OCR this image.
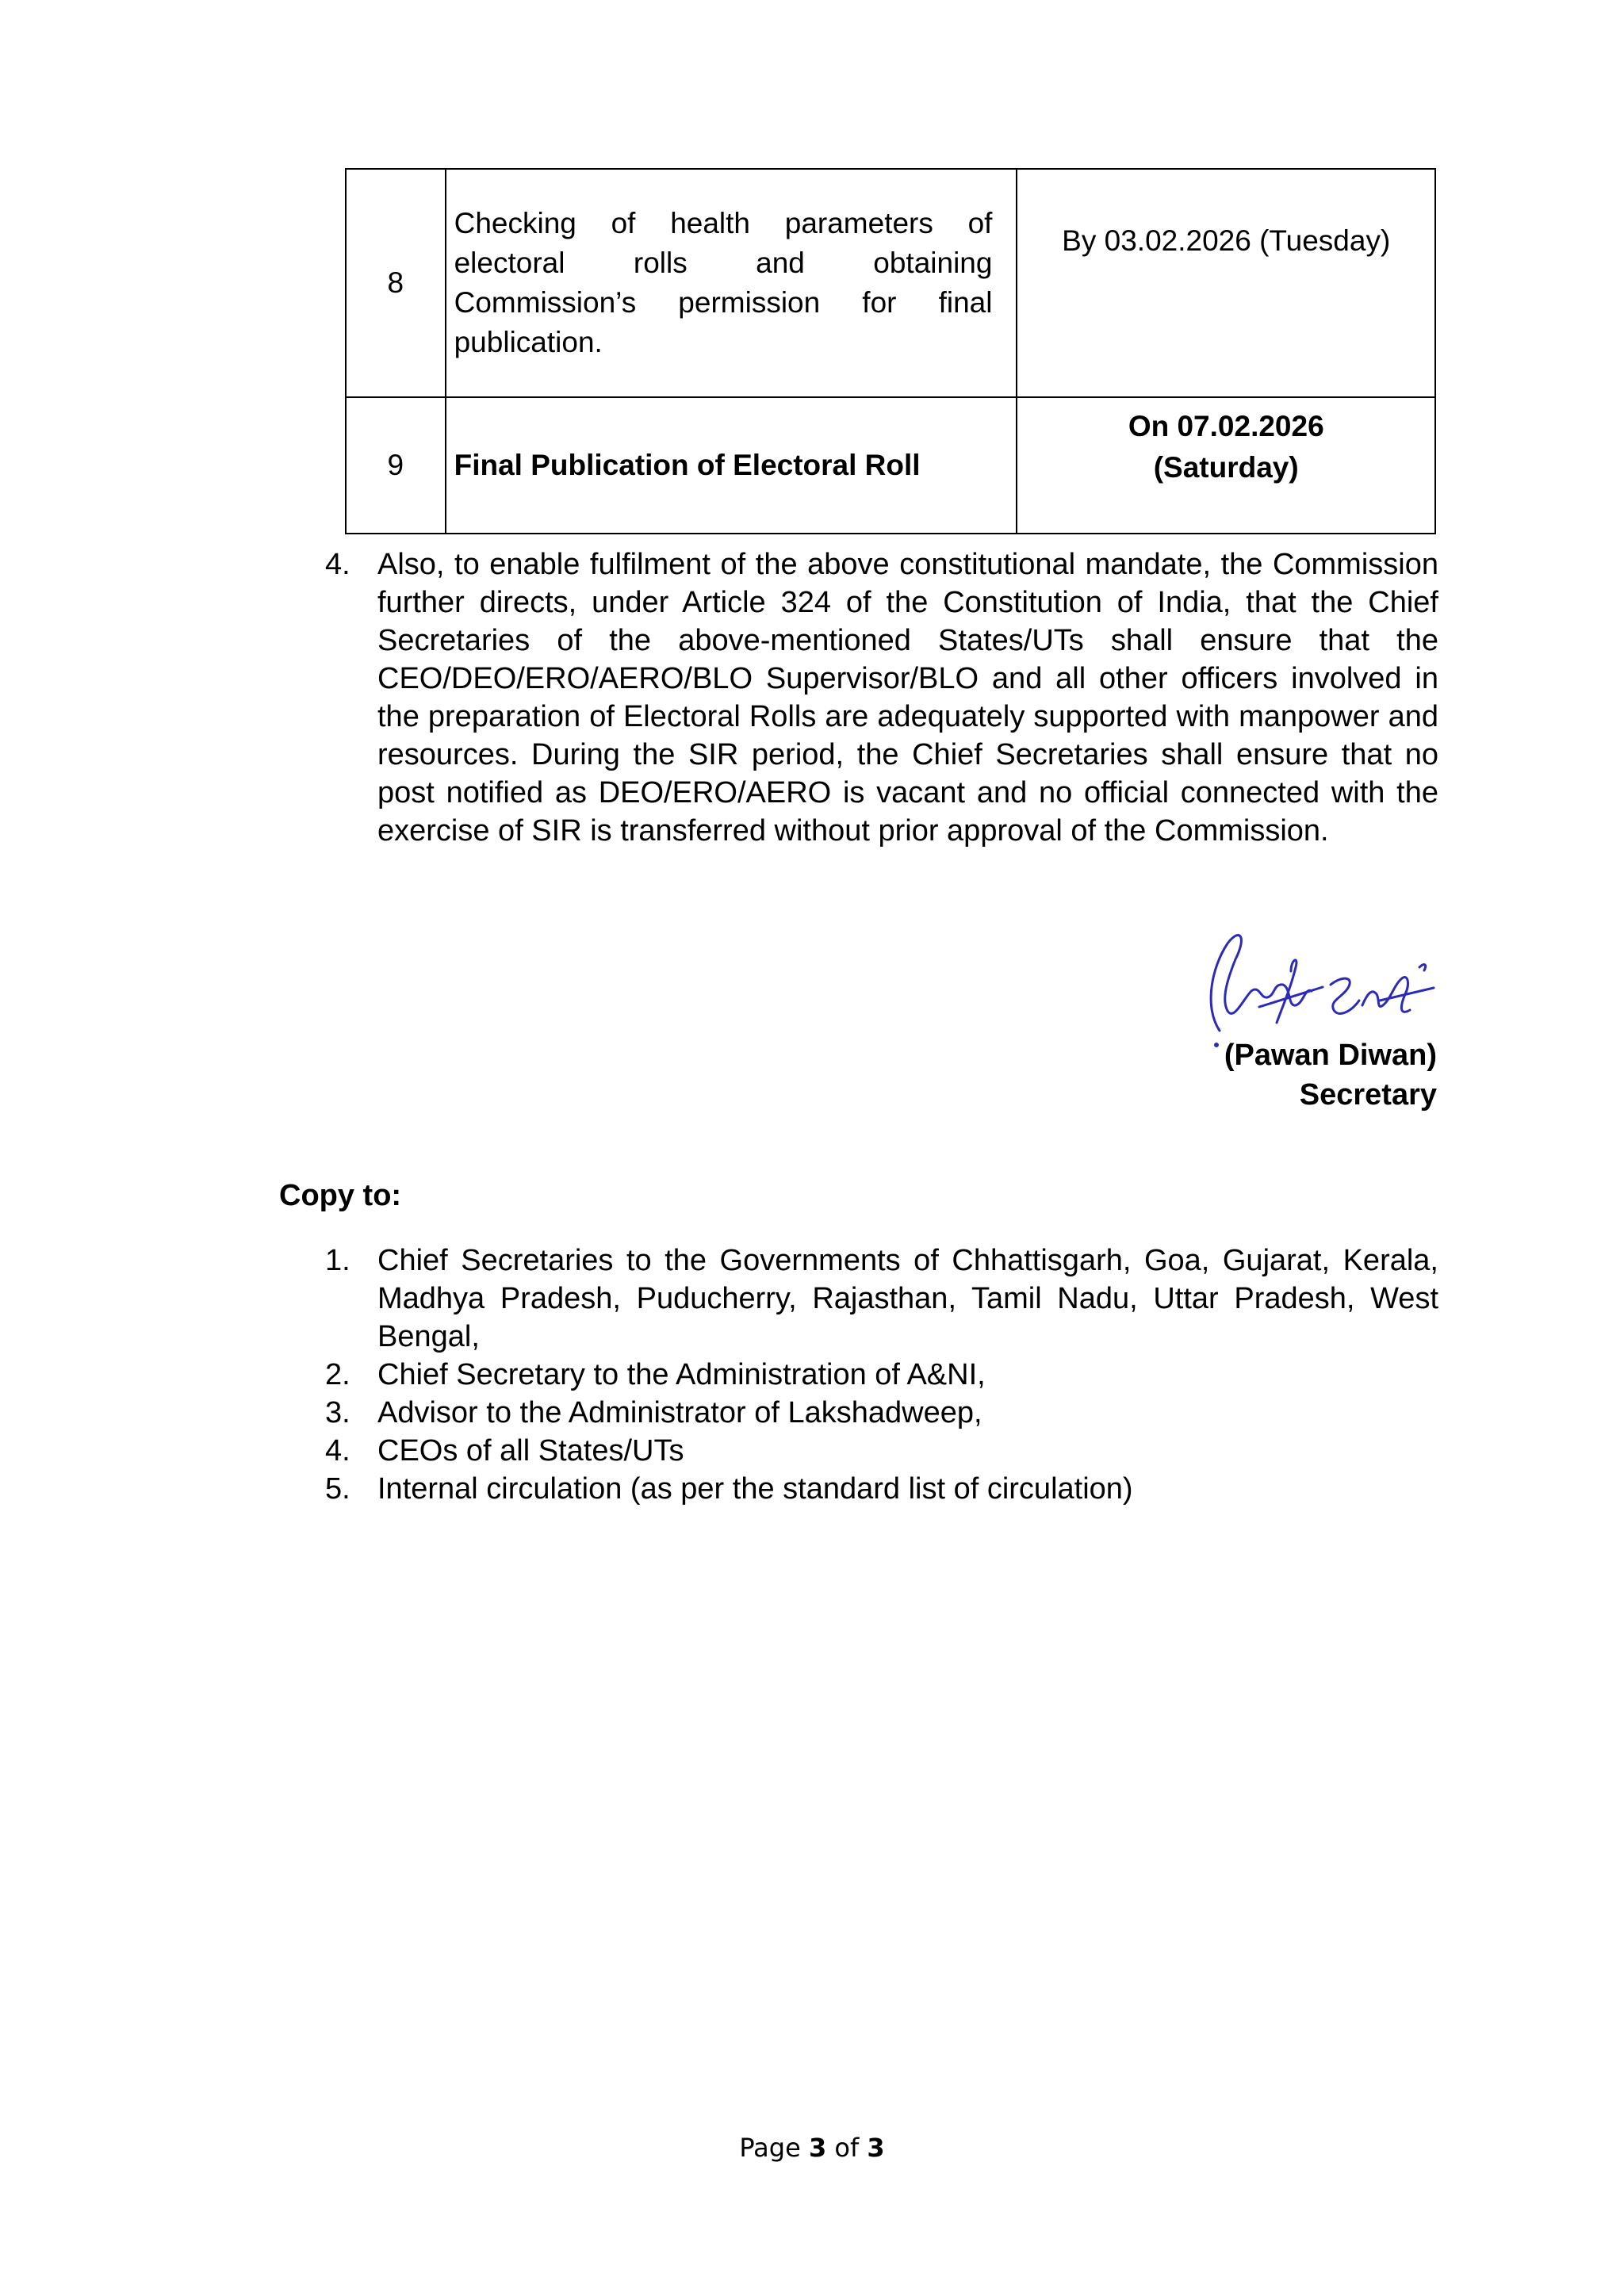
8	Checking of health parameters of electoral rolls and obtaining Commission’s permission for final publication.	By 03.02.2026 (Tuesday)
9	Final Publication of Electoral Roll	On 07.02.2026
(Saturday)
4. Also, to enable fulfilment of the above constitutional mandate, the Commission further directs, under Article 324 of the Constitution of India, that the Chief Secretaries of the above-mentioned States/UTs shall ensure that the CEO/DEO/ERO/AERO/BLO Supervisor/BLO and all other officers involved in the preparation of Electoral Rolls are adequately supported with manpower and resources. During the SIR period, the Chief Secretaries shall ensure that no post notified as DEO/ERO/AERO is vacant and no official connected with the exercise of SIR is transferred without prior approval of the Commission.
(Pawan Diwan)
Secretary

Copy to:

1. Chief Secretaries to the Governments of Chhattisgarh, Goa, Gujarat, Kerala, Madhya Pradesh, Puducherry, Rajasthan, Tamil Nadu, Uttar Pradesh, West Bengal,
2. Chief Secretary to the Administration of A&NI,
3. Advisor to the Administrator of Lakshadweep,
4. CEOs of all States/UTs
5. Internal circulation (as per the standard list of circulation)
Page 3 of 3
